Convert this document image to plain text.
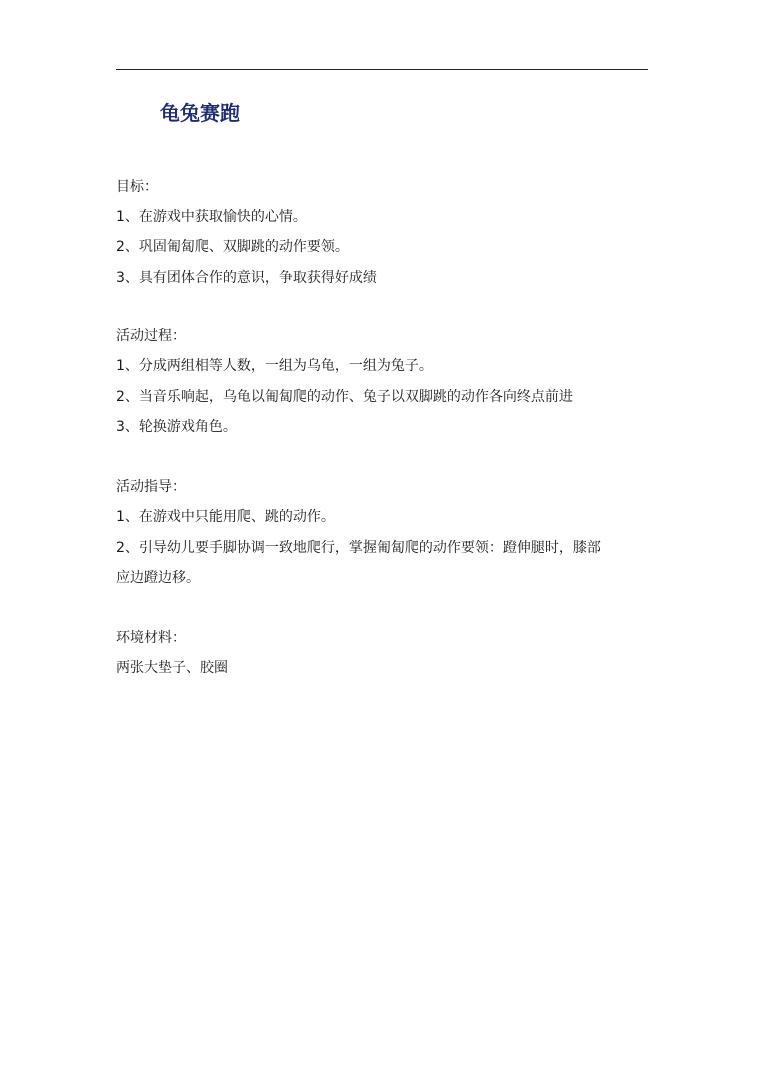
龟兔赛跑
目标：
1、在游戏中获取愉快的心情。
2、巩固匍匐爬、双脚跳的动作要领。
3、具有团体合作的意识，争取获得好成绩
活动过程：
1、分成两组相等人数，一组为乌龟，一组为兔子。
2、当音乐响起，乌龟以匍匐爬的动作、兔子以双脚跳的动作各向终点前进
3、轮换游戏角色。
活动指导：
1、在游戏中只能用爬、跳的动作。
2、引导幼儿要手脚协调一致地爬行，掌握匍匐爬的动作要领：蹬伸腿时，膝部
应边蹬边移。
环境材料：
两张大垫子、胶圈
